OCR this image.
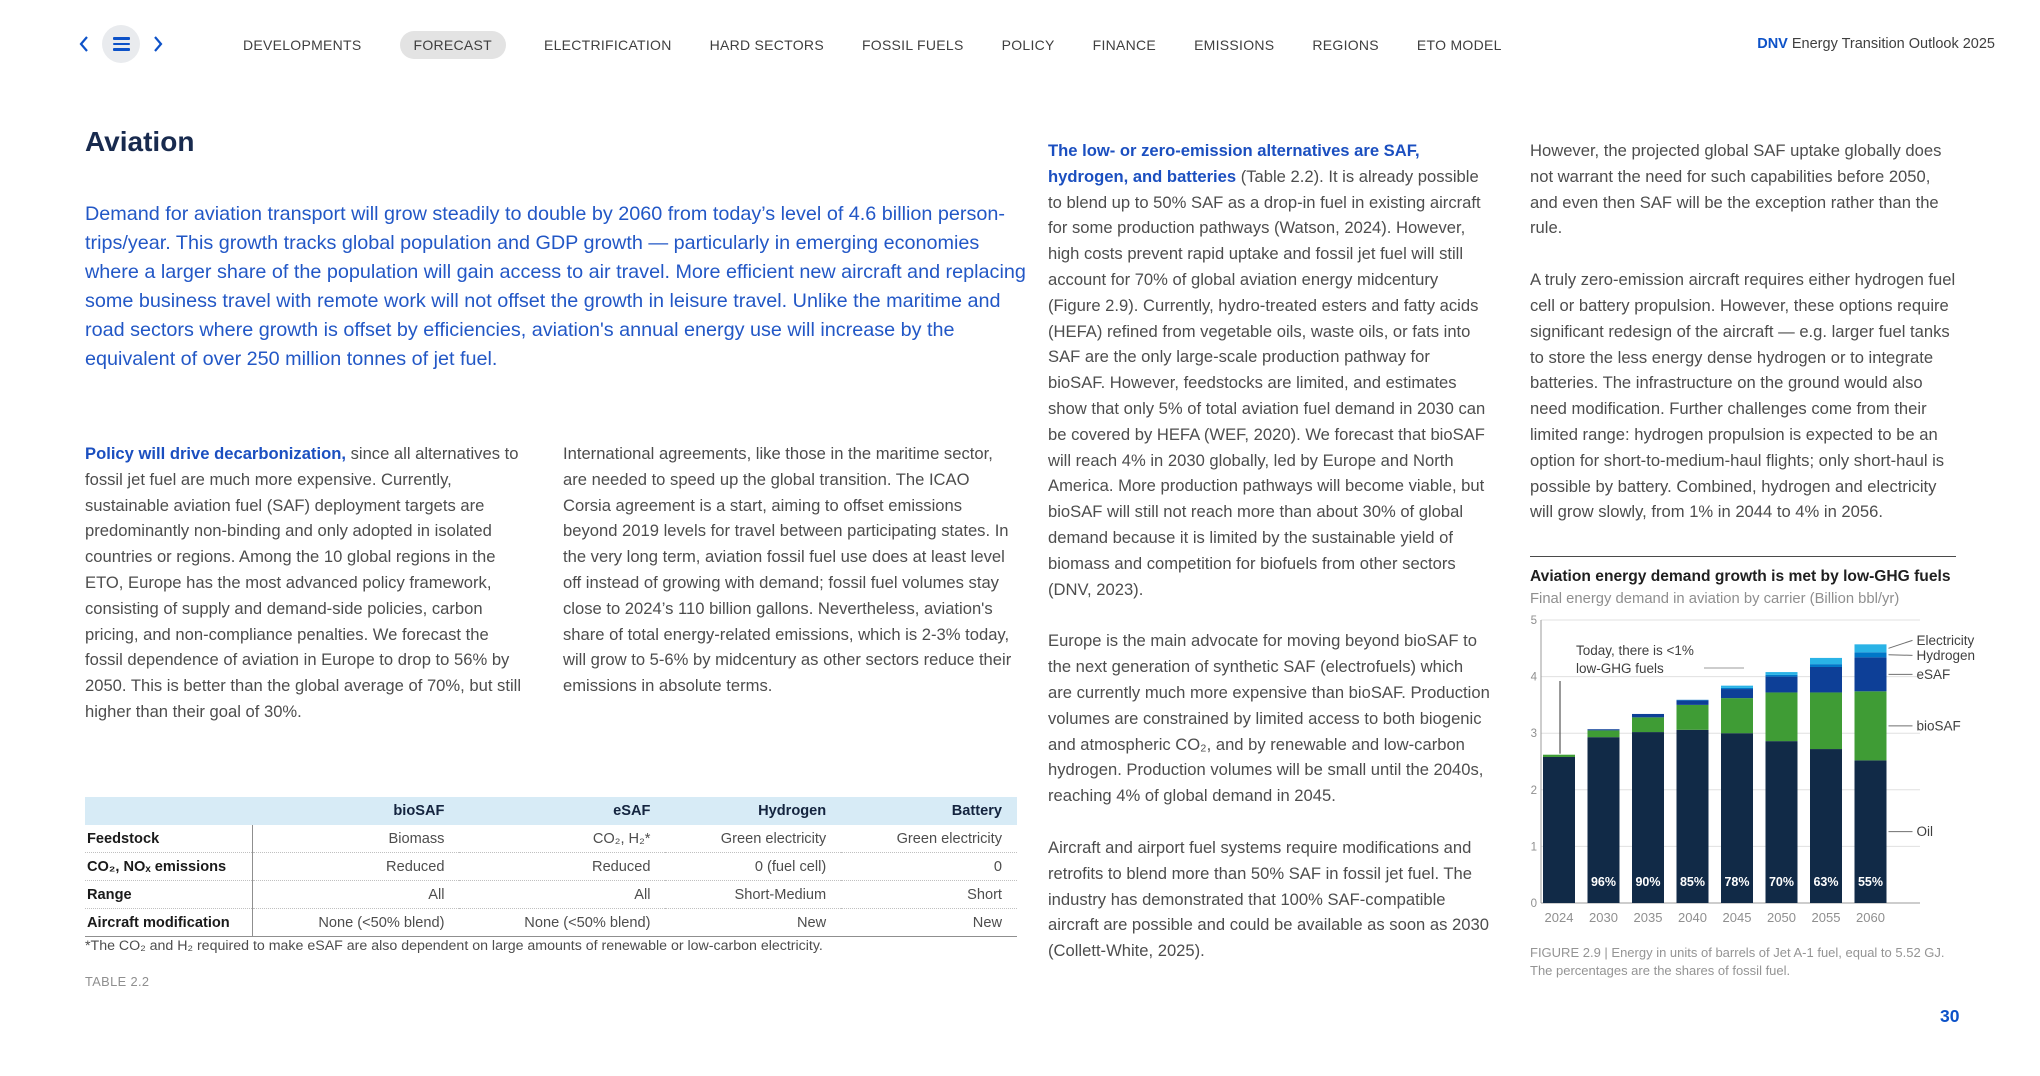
DEVELOPMENTS	FORECAST	ELECTRIFICATION	HARD SECTORS	FOSSIL FUELS	POLICY	FINANCE	EMISSIONS	REGIONS	ETO MODEL	DNV Energy Transition Outlook 2025
Aviation
Demand for aviation transport will grow steadily to double by 2060 from today’s level of 4.6 billion person-trips/year. This growth tracks global population and GDP growth — particularly in emerging economies where a larger share of the population will gain access to air travel. More efficient new aircraft and replacing some business travel with remote work will not offset the growth in leisure travel. Unlike the maritime and road sectors where growth is offset by efficiencies, aviation's annual energy use will increase by the equivalent of over 250 million tonnes of jet fuel.

Policy will drive decarbonization, since all alternatives to fossil jet fuel are much more expensive. Currently, sustainable aviation fuel (SAF) deployment targets are predominantly non-binding and only adopted in isolated countries or regions. Among the 10 global regions in the ETO, Europe has the most advanced policy framework, consisting of supply and demand-side policies, carbon pricing, and non-compliance penalties. We forecast the fossil dependence of aviation in Europe to drop to 56% by 2050. This is better than the global average of 70%, but still higher than their goal of 30%.

International agreements, like those in the maritime sector, are needed to speed up the global transition. The ICAO Corsia agreement is a start, aiming to offset emissions beyond 2019 levels for travel between participating states. In the very long term, aviation fossil fuel use does at least level off instead of growing with demand; fossil fuel volumes stay close to 2024’s 110 billion gallons. Nevertheless, aviation's share of total energy-related emissions, which is 2-3% today, will grow to 5-6% by midcentury as other sectors reduce their emissions in absolute terms.

The low- or zero-emission alternatives are SAF, hydrogen, and batteries (Table 2.2). It is already possible to blend up to 50% SAF as a drop-in fuel in existing aircraft for some production pathways (Watson, 2024). However, high costs prevent rapid uptake and fossil jet fuel will still account for 70% of global aviation energy midcentury (Figure 2.9). Currently, hydro-treated esters and fatty acids (HEFA) refined from vegetable oils, waste oils, or fats into SAF are the only large-scale production pathway for bioSAF. However, feedstocks are limited, and estimates show that only 5% of total aviation fuel demand in 2030 can be covered by HEFA (WEF, 2020). We forecast that bioSAF will reach 4% in 2030 globally, led by Europe and North America. More production pathways will become viable, but bioSAF will still not reach more than about 30% of global demand because it is limited by the sustainable yield of biomass and competition for biofuels from other sectors (DNV, 2023).

Europe is the main advocate for moving beyond bioSAF to the next generation of synthetic SAF (electrofuels) which are currently much more expensive than bioSAF. Production volumes are constrained by limited access to both biogenic and atmospheric CO₂, and by renewable and low-carbon hydrogen. Production volumes will be small until the 2040s, reaching 4% of global demand in 2045.

Aircraft and airport fuel systems require modifications and retrofits to blend more than 50% SAF in fossil jet fuel. The industry has demonstrated that 100% SAF-compatible aircraft are possible and could be available as soon as 2030 (Collett-White, 2025).

However, the projected global SAF uptake globally does not warrant the need for such capabilities before 2050, and even then SAF will be the exception rather than the rule.

A truly zero-emission aircraft requires either hydrogen fuel cell or battery propulsion. However, these options require significant redesign of the aircraft — e.g. larger fuel tanks to store the less energy dense hydrogen or to integrate batteries. The infrastructure on the ground would also need modification. Further challenges come from their limited range: hydrogen propulsion is expected to be an option for short-to-medium-haul flights; only short-haul is possible by battery. Combined, hydrogen and electricity will grow slowly, from 1% in 2044 to 4% in 2056.

	bioSAF	eSAF	Hydrogen	Battery
Feedstock	Biomass	CO₂, H₂*	Green electricity	Green electricity
CO₂, NOₓ emissions	Reduced	Reduced	0 (fuel cell)	0
Range	All	All	Short-Medium	Short
Aircraft modification	None (<50% blend)	None (<50% blend)	New	New
*The CO₂ and H₂ required to make eSAF are also dependent on large amounts of renewable or low-carbon electricity.
TABLE 2.2
Aviation energy demand growth is met by low-GHG fuels
Final energy demand in aviation by carrier (Billion bbl/yr)
0
1
2
3
4
5
2024
96%
2030
90%
2035
85%
2040
78%
2045
70%
2050
63%
2055
55%
2060
Electricity
Hydrogen
eSAF
bioSAF
Oil
Today, there is <1%
low-GHG fuels
FIGURE 2.9 | Energy in units of barrels of Jet A-1 fuel, equal to 5.52 GJ.
The percentages are the shares of fossil fuel.
30
